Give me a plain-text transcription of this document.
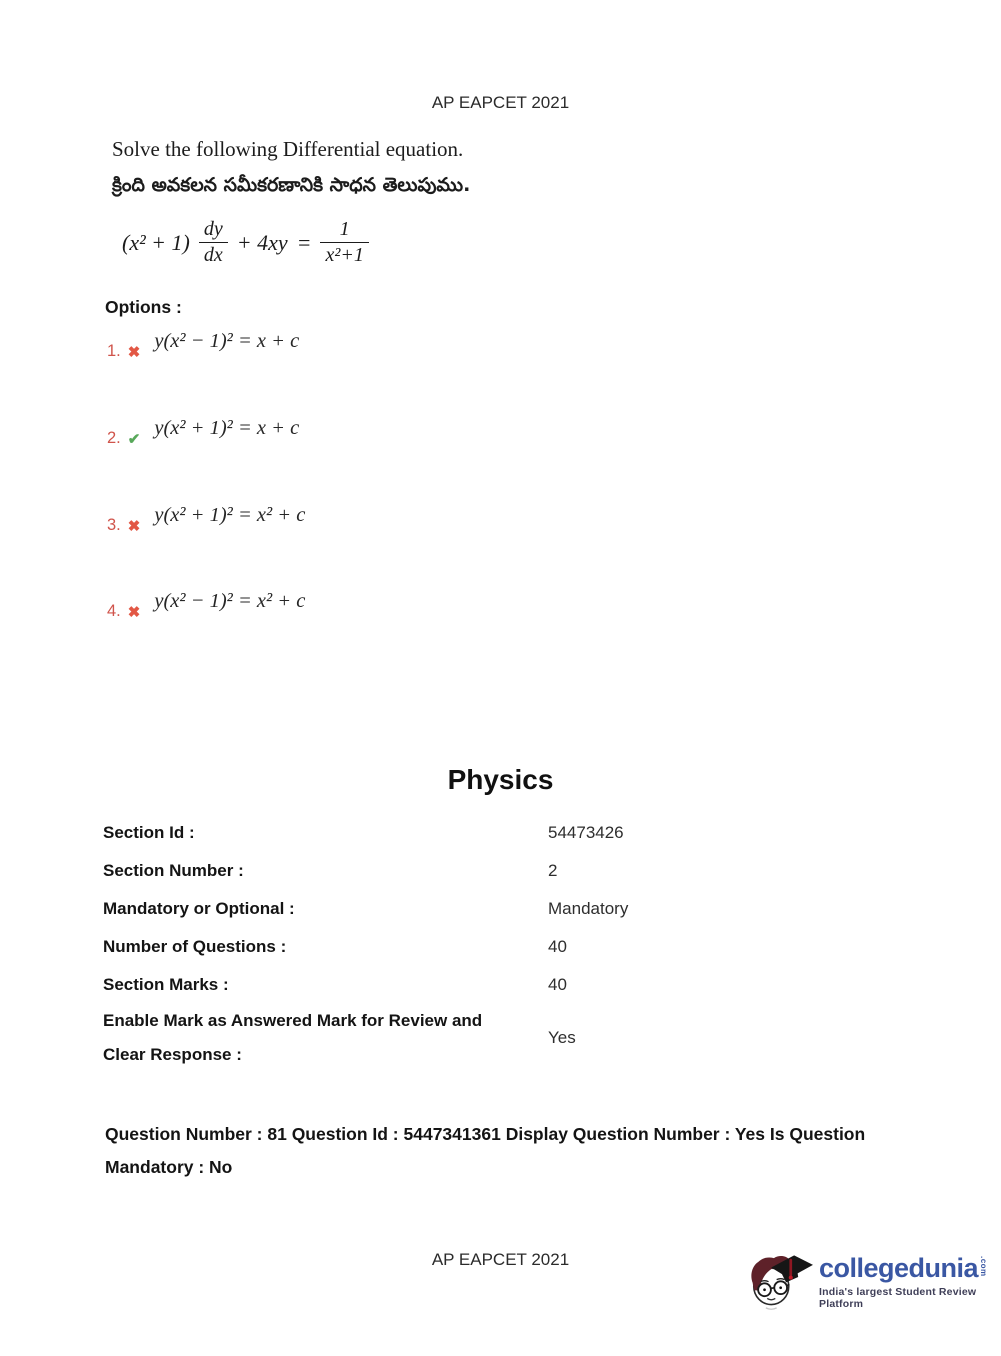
AP EAPCET 2021
Solve the following Differential equation.
క్రింది అవకలన సమీకరణానికి సాధన తెలుపుము.
$(x^2 + 1) \frac{dy}{dx} + 4xy = \frac{1}{\text{x²+1}}$
Options :
1. ✖
y(x² − 1)² = x + c
2. ✔
y(x² + 1)² = x + c
3. ✖
y(x² + 1)² = x² + c
4. ✖
y(x² − 1)² = x² + c
Physics
Section Id :	54473426
Section Number :	2
Mandatory or Optional :	Mandatory
Number of Questions :	40
Section Marks :	40
Enable Mark as Answered Mark for Review and
Clear Response :
Yes
Question Number : 81 Question Id : 5447341361 Display Question Number : Yes Is Question
Mandatory : No
AP EAPCET 2021	collegedunia .com
India's largest Student Review Platform
